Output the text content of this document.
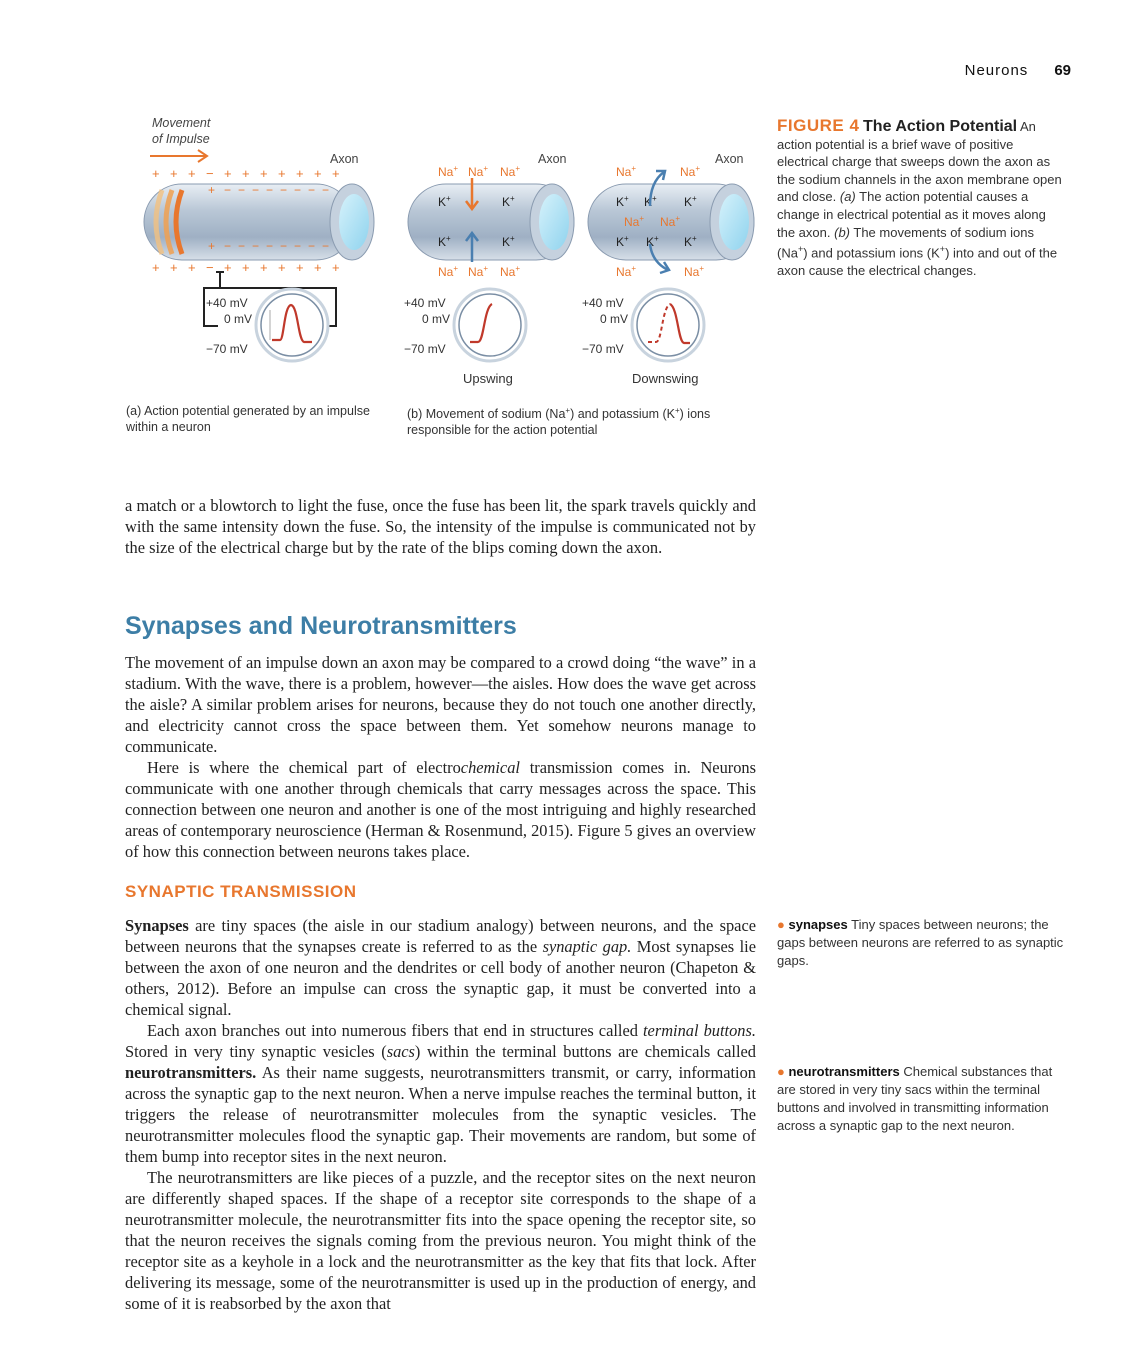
Neurons 69
Movement
of Impulse
Axon
+ + + − + + + + + + +
+ − − − − − − − −
+ − − − − − − − −
+ + + − + + + + + + +
+40 mV
0 mV
−70 mV
Axon
Na+ Na+ Na+
Na+ Na+ Na+
K+	K+
K+	K+
+40 mV
0 mV
−70 mV
Upswing
Axon
Na+	Na+
Na+ Na+
Na+	Na+
K+ K+ K+
K+ K+ K+
+40 mV
0 mV
−70 mV
Downswing
(a) Action potential generated by an impulse within a neuron
(b) Movement of sodium (Na+) and potassium (K+) ions responsible for the action potential
FIGURE 4 The Action Potential An action potential is a brief wave of positive electrical charge that sweeps down the axon as the sodium channels in the axon membrane open and close. (a) The action potential causes a change in electrical potential as it moves along the axon. (b) The movements of sodium ions (Na+) and potassium ions (K+) into and out of the axon cause the electrical changes.

a match or a blowtorch to light the fuse, once the fuse has been lit, the spark travels quickly and with the same intensity down the fuse. So, the intensity of the impulse is communicated not by the size of the electrical charge but by the rate of the blips coming down the axon.

Synapses and Neurotransmitters

The movement of an impulse down an axon may be compared to a crowd doing “the wave” in a stadium. With the wave, there is a problem, however—the aisles. How does the wave get across the aisle? A similar problem arises for neurons, because they do not touch one another directly, and electricity cannot cross the space between them. Yet somehow neurons manage to communicate.

Here is where the chemical part of electrochemical transmission comes in. Neurons communicate with one another through chemicals that carry messages across the space. This connection between one neuron and another is one of the most intriguing and highly researched areas of contemporary neuroscience (Herman & Rosenmund, 2015). Figure 5 gives an overview of how this connection between neurons takes place.

SYNAPTIC TRANSMISSION

Synapses are tiny spaces (the aisle in our stadium analogy) between neurons, and the space between neurons that the synapses create is referred to as the synaptic gap. Most synapses lie between the axon of one neuron and the dendrites or cell body of another neuron (Chapeton & others, 2012). Before an impulse can cross the synaptic gap, it must be converted into a chemical signal.

Each axon branches out into numerous fibers that end in structures called terminal buttons. Stored in very tiny synaptic vesicles (sacs) within the terminal buttons are chemicals called neurotransmitters. As their name suggests, neurotransmitters transmit, or carry, information across the synaptic gap to the next neuron. When a nerve impulse reaches the terminal button, it triggers the release of neurotransmitter molecules from the synaptic vesicles. The neurotransmitter molecules flood the synaptic gap. Their movements are random, but some of them bump into receptor sites in the next neuron.

The neurotransmitters are like pieces of a puzzle, and the receptor sites on the next neuron are differently shaped spaces. If the shape of a receptor site corresponds to the shape of a neurotransmitter molecule, the neurotransmitter fits into the space opening the receptor site, so that the neuron receives the signals coming from the previous neuron. You might think of the receptor site as a keyhole in a lock and the neurotransmitter as the key that fits that lock. After delivering its message, some of the neurotransmitter is used up in the production of energy, and some of it is reabsorbed by the axon that

● synapses Tiny spaces between neurons; the gaps between neurons are referred to as synaptic gaps.
● neurotransmitters Chemical substances that are stored in very tiny sacs within the terminal buttons and involved in transmitting information across a synaptic gap to the next neuron.
